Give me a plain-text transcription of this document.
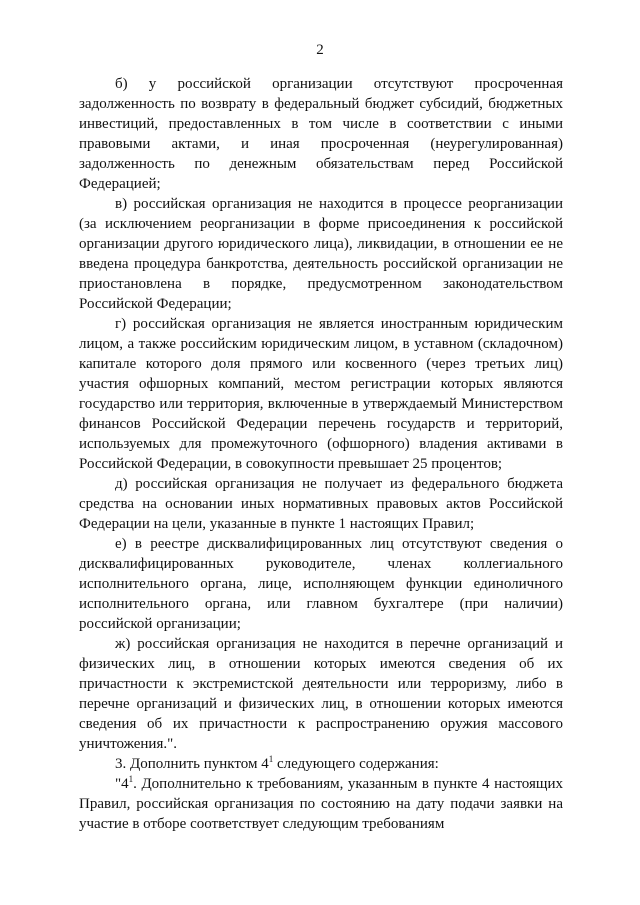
2

б) у российской организации отсутствуют просроченная задолженность по возврату в федеральный бюджет субсидий, бюджетных инвестиций, предоставленных в том числе в соответствии с иными правовыми актами, и иная просроченная (неурегулированная) задолженность по денежным обязательствам перед Российской Федерацией;

в) российская организация не находится в процессе реорганизации (за исключением реорганизации в форме присоединения к российской организации другого юридического лица), ликвидации, в отношении ее не введена процедура банкротства, деятельность российской организации не приостановлена в порядке, предусмотренном законодательством Российской Федерации;

г) российская организация не является иностранным юридическим лицом, а также российским юридическим лицом, в уставном (складочном) капитале которого доля прямого или косвенного (через третьих лиц) участия офшорных компаний, местом регистрации которых являются государство или территория, включенные в утверждаемый Министерством финансов Российской Федерации перечень государств и территорий, используемых для промежуточного (офшорного) владения активами в Российской Федерации, в совокупности превышает 25 процентов;

д) российская организация не получает из федерального бюджета средства на основании иных нормативных правовых актов Российской Федерации на цели, указанные в пункте 1 настоящих Правил;

е) в реестре дисквалифицированных лиц отсутствуют сведения о дисквалифицированных руководителе, членах коллегиального исполнительного органа, лице, исполняющем функции единоличного исполнительного органа, или главном бухгалтере (при наличии) российской организации;

ж) российская организация не находится в перечне организаций и физических лиц, в отношении которых имеются сведения об их причастности к экстремистской деятельности или терроризму, либо в перечне организаций и физических лиц, в отношении которых имеются сведения об их причастности к распространению оружия массового уничтожения.".

3. Дополнить пунктом $4^1$ следующего содержания:

"$4^1$. Дополнительно к требованиям, указанным в пункте 4 настоящих Правил, российская организация по состоянию на дату подачи заявки на участие в отборе соответствует следующим требованиям
